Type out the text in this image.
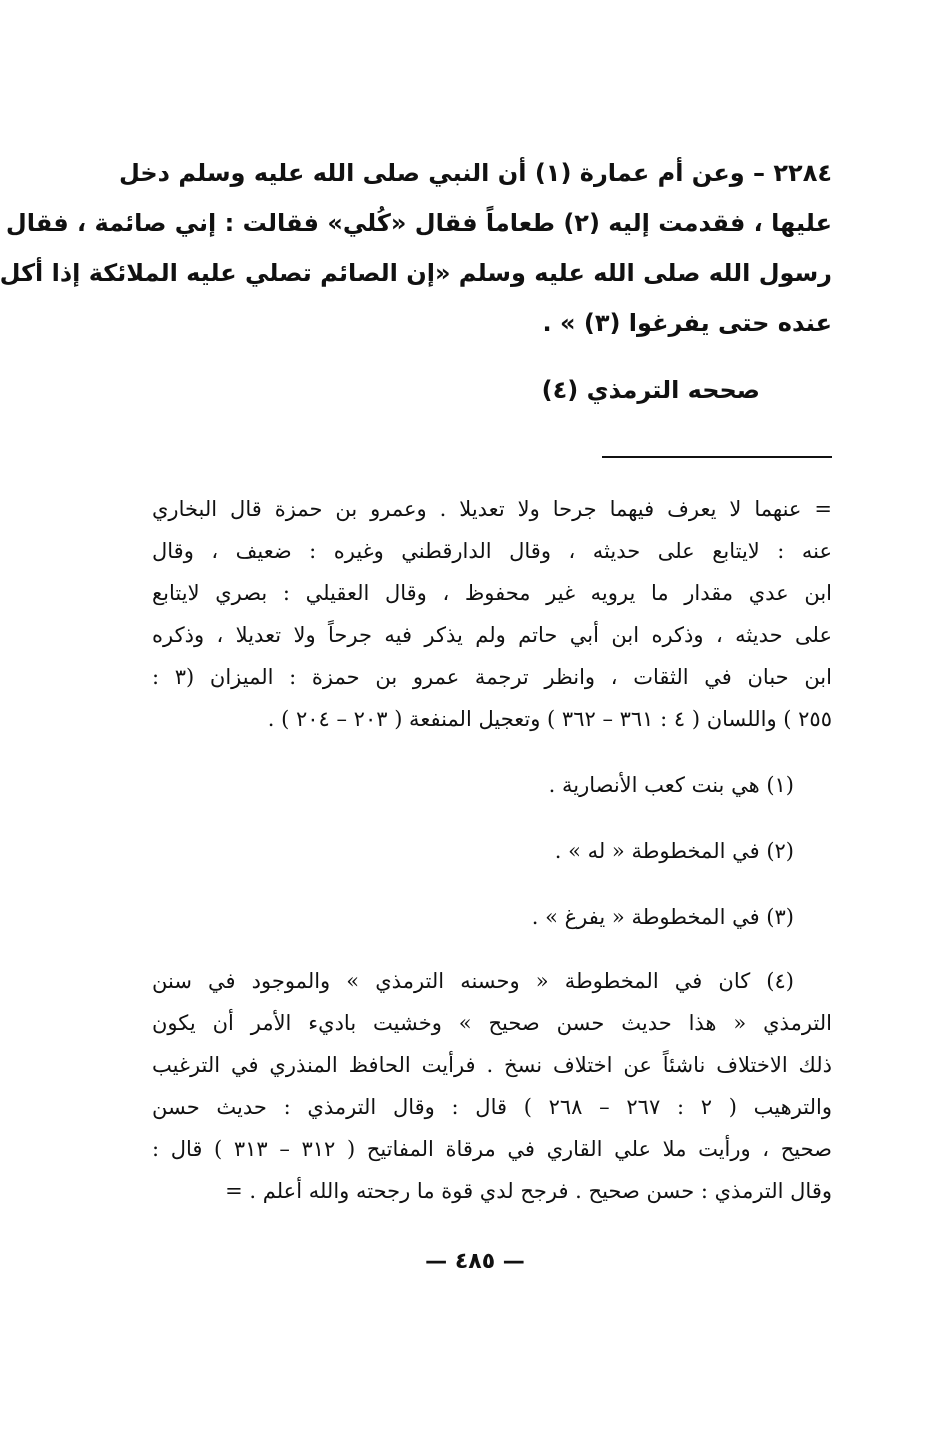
٢٢٨٤ – وعن أم عمارة (١) أن النبي صلى الله عليه وسلم دخل
عليها ، فقدمت إليه (٢) طعاماً فقال «كُلي» فقالت : إني صائمة ، فقال
رسول الله صلى الله عليه وسلم «إن الصائم تصلي عليه الملائكة إذا أكل
عنده حتى يفرغوا (٣) » .
صححه الترمذي (٤)
= عنهما لا يعرف فيهما جرحا ولا تعديلا . وعمرو بن حمزة قال البخاري
عنه : لايتابع على حديثه ، وقال الدارقطني وغيره : ضعيف ، وقال
ابن عدي مقدار ما يرويه غير محفوظ ، وقال العقيلي : بصري لايتابع
على حديثه ، وذكره ابن أبي حاتم ولم يذكر فيه جرحاً ولا تعديلا ، وذكره
ابن حبان في الثقات ، وانظر ترجمة عمرو بن حمزة : الميزان (٣ :
٢٥٥ ) واللسان ( ٤ : ٣٦١ – ٣٦٢ ) وتعجيل المنفعة ( ٢٠٣ – ٢٠٤ ) .
(١) هي بنت كعب الأنصارية .
(٢) في المخطوطة « له » .
(٣) في المخطوطة « يفرغ » .
(٤) كان في المخطوطة « وحسنه الترمذي » والموجود في سنن
الترمذي « هذا حديث حسن صحيح » وخشيت باديء الأمر أن يكون
ذلك الاختلاف ناشئاً عن اختلاف نسخ . فرأيت الحافظ المنذري في الترغيب
والترهيب ( ٢ : ٢٦٧ – ٢٦٨ ) قال : وقال الترمذي : حديث حسن
صحيح ، ورأيت ملا علي القاري في مرقاة المفاتيح ( ٣١٢ – ٣١٣ ) قال :
وقال الترمذي : حسن صحيح . فرجح لدي قوة ما رجحته والله أعلم . =
— ٤٨٥ —
